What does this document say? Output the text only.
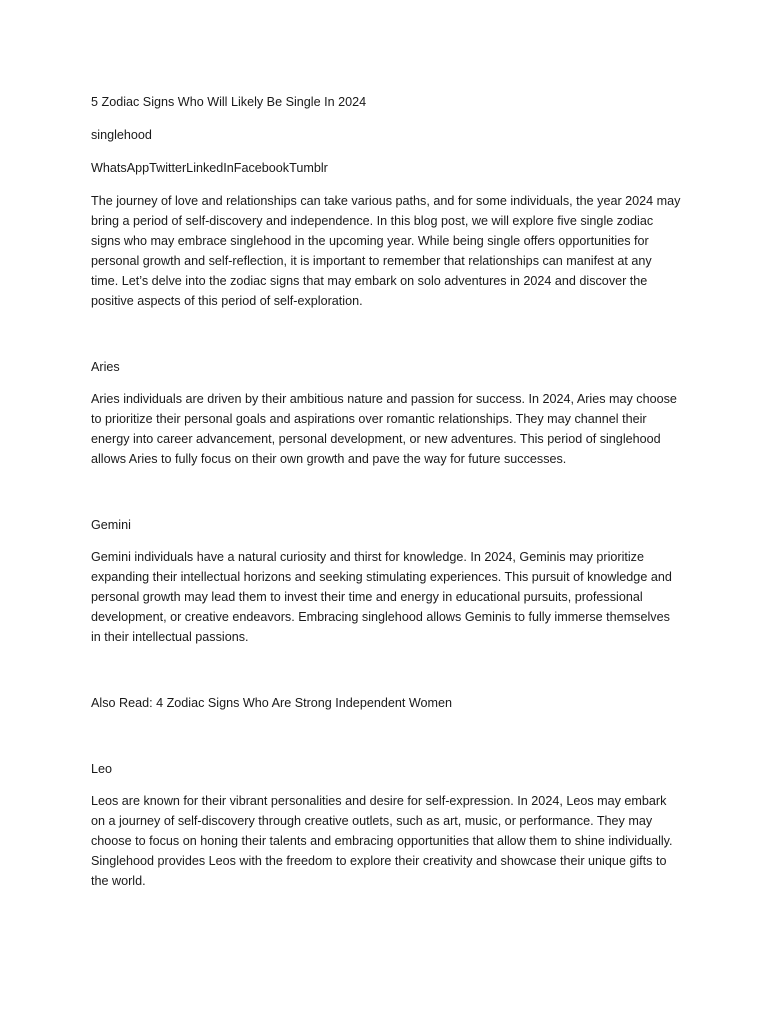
5 Zodiac Signs Who Will Likely Be Single In 2024

singlehood

WhatsAppTwitterLinkedInFacebookTumblr

The journey of love and relationships can take various paths, and for some individuals, the year 2024 may bring a period of self-discovery and independence. In this blog post, we will explore five single zodiac signs who may embrace singlehood in the upcoming year. While being single offers opportunities for personal growth and self-reflection, it is important to remember that relationships can manifest at any time. Let’s delve into the zodiac signs that may embark on solo adventures in 2024 and discover the positive aspects of this period of self-exploration.

Aries

Aries individuals are driven by their ambitious nature and passion for success. In 2024, Aries may choose to prioritize their personal goals and aspirations over romantic relationships. They may channel their energy into career advancement, personal development, or new adventures. This period of singlehood allows Aries to fully focus on their own growth and pave the way for future successes.

Gemini

Gemini individuals have a natural curiosity and thirst for knowledge. In 2024, Geminis may prioritize expanding their intellectual horizons and seeking stimulating experiences. This pursuit of knowledge and personal growth may lead them to invest their time and energy in educational pursuits, professional development, or creative endeavors. Embracing singlehood allows Geminis to fully immerse themselves in their intellectual passions.

Also Read: 4 Zodiac Signs Who Are Strong Independent Women

Leo

Leos are known for their vibrant personalities and desire for self-expression. In 2024, Leos may embark on a journey of self-discovery through creative outlets, such as art, music, or performance. They may choose to focus on honing their talents and embracing opportunities that allow them to shine individually. Singlehood provides Leos with the freedom to explore their creativity and showcase their unique gifts to the world.
